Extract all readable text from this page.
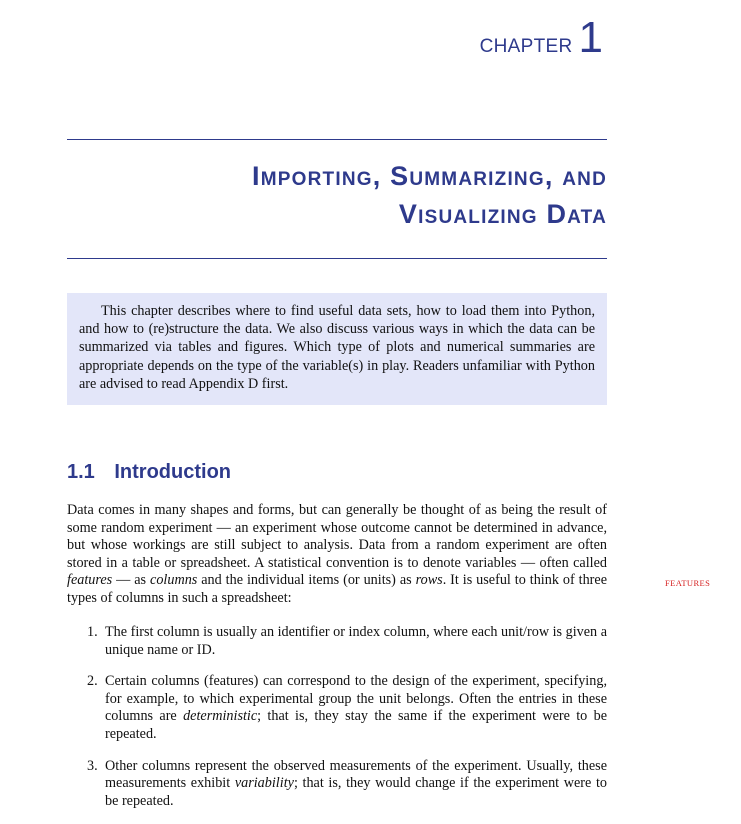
CHAPTER 1
Importing, Summarizing, and
Visualizing Data
This chapter describes where to find useful data sets, how to load them into Python, and how to (re)structure the data. We also discuss various ways in which the data can be summarized via tables and figures. Which type of plots and numerical summaries are appropriate depends on the type of the variable(s) in play. Readers unfamiliar with Python are advised to read Appendix D first.
1.1 Introduction
Data comes in many shapes and forms, but can generally be thought of as being the result of some random experiment — an experiment whose outcome cannot be determined in advance, but whose workings are still subject to analysis. Data from a random experiment are often stored in a table or spreadsheet. A statistical convention is to denote variables — often called features — as columns and the individual items (or units) as rows. It is useful to think of three types of columns in such a spreadsheet:
FEATURES
1. The first column is usually an identifier or index column, where each unit/row is given a unique name or ID.
2. Certain columns (features) can correspond to the design of the experiment, specifying, for example, to which experimental group the unit belongs. Often the entries in these columns are deterministic; that is, they stay the same if the experiment were to be repeated.
3. Other columns represent the observed measurements of the experiment. Usually, these measurements exhibit variability; that is, they would change if the experiment were to be repeated.
